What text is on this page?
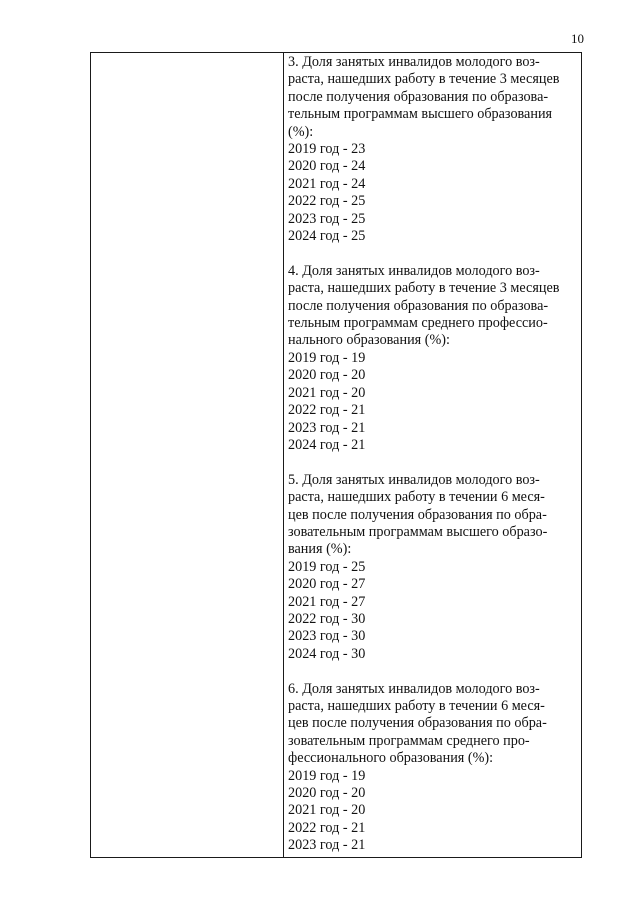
10
3. Доля занятых инвалидов молодого воз-
раста, нашедших работу в течение 3 месяцев
после получения образования по образова-
тельным программам высшего образования
(%):
2019 год - 23
2020 год - 24
2021 год - 24
2022 год - 25
2023 год - 25
2024 год - 25
4. Доля занятых инвалидов молодого воз-
раста, нашедших работу в течение 3 месяцев
после получения образования по образова-
тельным программам среднего профессио-
нального образования (%):
2019 год - 19
2020 год - 20
2021 год - 20
2022 год - 21
2023 год - 21
2024 год - 21
5. Доля занятых инвалидов молодого воз-
раста, нашедших работу в течении 6 меся-
цев после получения образования по обра-
зовательным программам высшего образо-
вания (%):
2019 год - 25
2020 год - 27
2021 год - 27
2022 год - 30
2023 год - 30
2024 год - 30
6. Доля занятых инвалидов молодого воз-
раста, нашедших работу в течении 6 меся-
цев после получения образования по обра-
зовательным программам среднего про-
фессионального образования (%):
2019 год - 19
2020 год - 20
2021 год - 20
2022 год - 21
2023 год - 21
